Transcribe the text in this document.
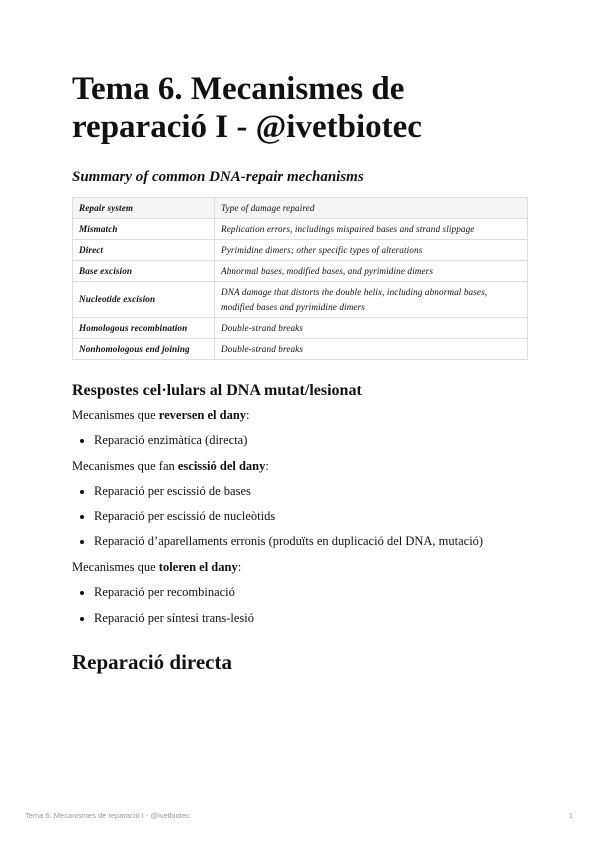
Tema 6. Mecanismes de reparació I - @ivetbiotec

Summary of common DNA-repair mechanisms

Repair system	Type of damage repaired
Mismatch	Replication errors, includings mispaired bases and strand slippage
Direct	Pyrimidine dimers; other specific types of alterations
Base excision	Abnormal bases, modified bases, and pyrimidine dimers
Nucleotide excision	DNA damage that distorts the double helix, including abnormal bases, modified bases and pyrimidine dimers
Homologous recombination	Double-strand breaks
Nonhomologous end joining	Double-strand breaks
Respostes cel·lulars al DNA mutat/lesionat

Mecanismes que reversen el dany:

Reparació enzimàtica (directa)

Mecanismes que fan escissió del dany:

Reparació per escissió de bases
Reparació per escissió de nucleòtids
Reparació d’aparellaments erronis (produïts en duplicació del DNA, mutació)

Mecanismes que toleren el dany:

Reparació per recombinació
Reparació per síntesi trans-lesió
Reparació directa
Tema 6. Mecanismes de reparació I - @ivetbiotec	1
